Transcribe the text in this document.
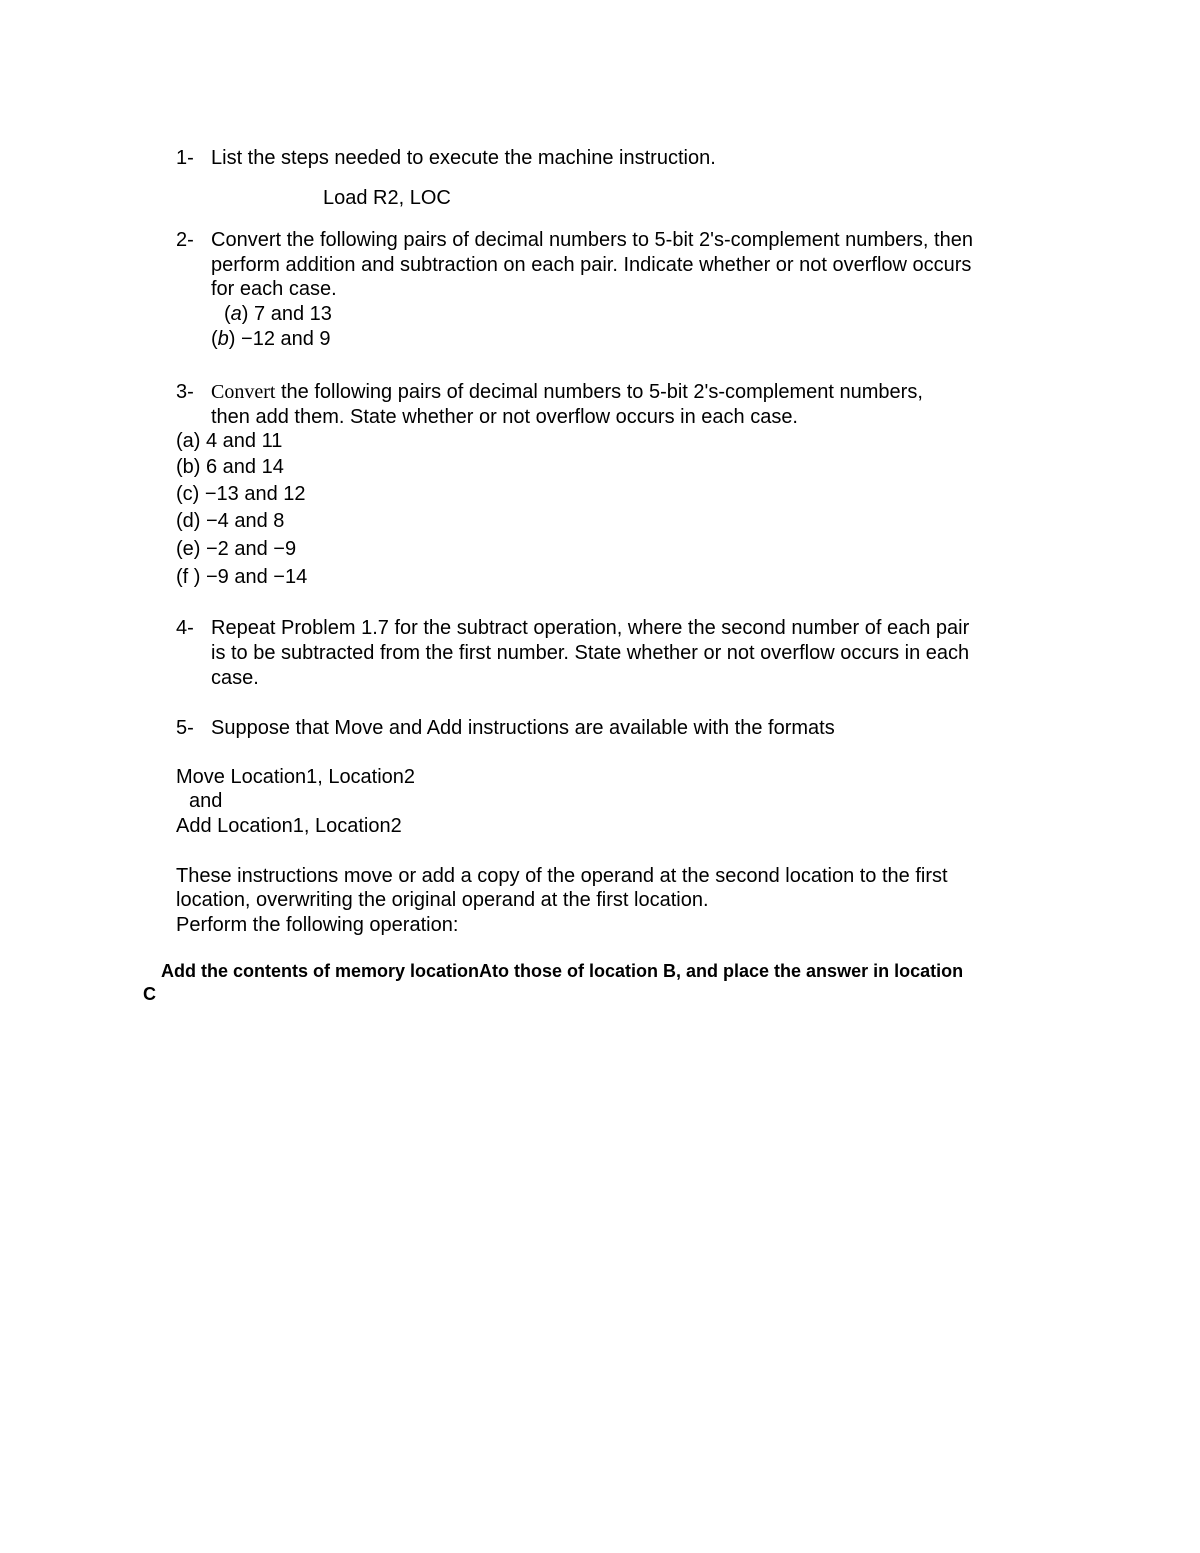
1- List the steps needed to execute the machine instruction.
Load R2, LOC
2- Convert the following pairs of decimal numbers to 5-bit 2's-complement numbers, then
perform addition and subtraction on each pair. Indicate whether or not overflow occurs
for each case.
(a) 7 and 13
(b) −12 and 9
3- Convert the following pairs of decimal numbers to 5-bit 2's-complement numbers,
then add them. State whether or not overflow occurs in each case.
(a) 4 and 11
(b) 6 and 14
(c) −13 and 12
(d) −4 and 8
(e) −2 and −9
(f ) −9 and −14
4- Repeat Problem 1.7 for the subtract operation, where the second number of each pair
is to be subtracted from the first number. State whether or not overflow occurs in each
case.
5- Suppose that Move and Add instructions are available with the formats
Move Location1, Location2
and
Add Location1, Location2
These instructions move or add a copy of the operand at the second location to the first
location, overwriting the original operand at the first location.
Perform the following operation:
Add the contents of memory locationAto those of location B, and place the answer in location
C
